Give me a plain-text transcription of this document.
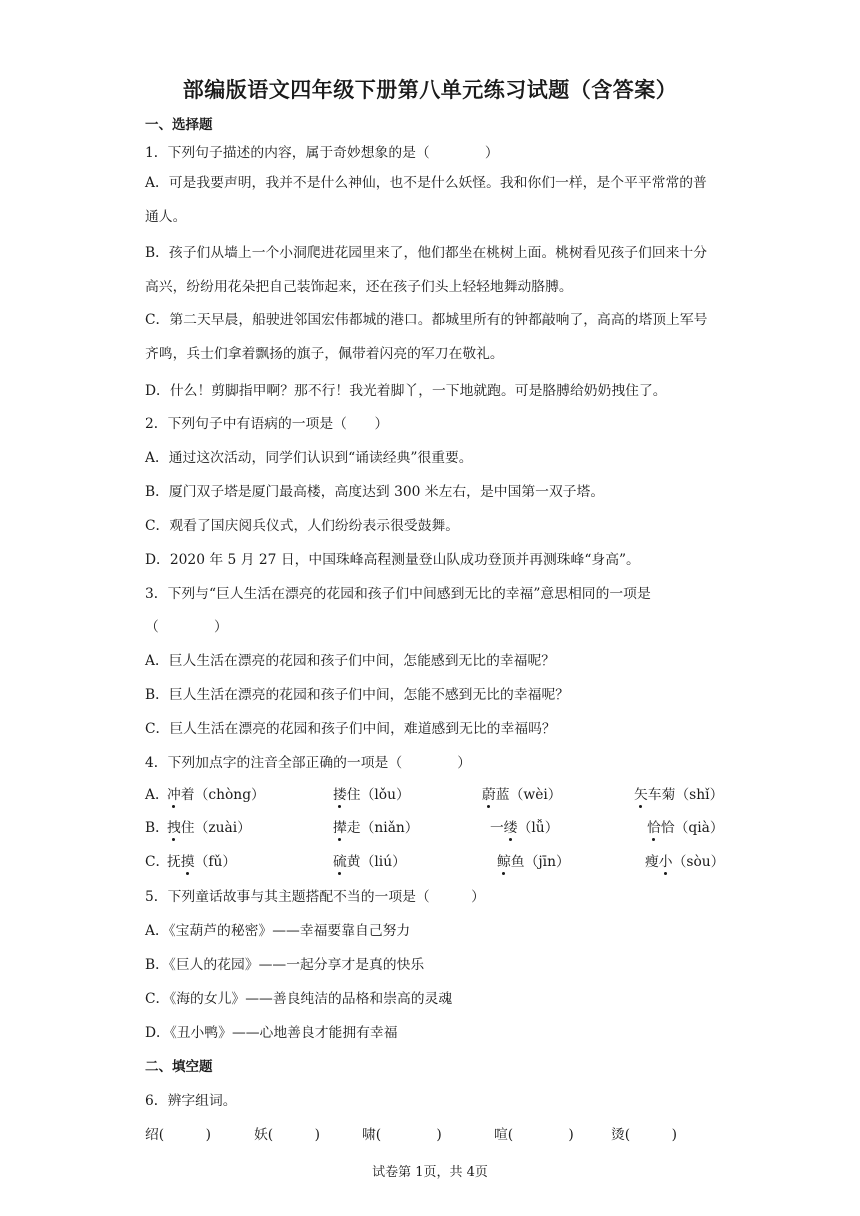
部编版语文四年级下册第八单元练习试题（含答案）
一、选择题
1．下列句子描述的内容，属于奇妙想象的是（　　　　）
A．可是我要声明，我并不是什么神仙，也不是什么妖怪。我和你们一样，是个平平常常的普通人。
B．孩子们从墙上一个小洞爬进花园里来了，他们都坐在桃树上面。桃树看见孩子们回来十分高兴，纷纷用花朵把自己装饰起来，还在孩子们头上轻轻地舞动胳膊。
C．第二天早晨，船驶进邻国宏伟都城的港口。都城里所有的钟都敲响了，高高的塔顶上军号齐鸣，兵士们拿着飘扬的旗子，佩带着闪亮的军刀在敬礼。
D．什么！剪脚指甲啊？那不行！我光着脚丫，一下地就跑。可是胳膊给奶奶拽住了。
2．下列句子中有语病的一项是（　　）
A．通过这次活动，同学们认识到“诵读经典”很重要。
B．厦门双子塔是厦门最高楼，高度达到 300 米左右，是中国第一双子塔。
C．观看了国庆阅兵仪式，人们纷纷表示很受鼓舞。
D．2020 年 5 月 27 日，中国珠峰高程测量登山队成功登顶并再测珠峰“身高”。
3．下列与“巨人生活在漂亮的花园和孩子们中间感到无比的幸福”意思相同的一项是
（　　　　）
A．巨人生活在漂亮的花园和孩子们中间，怎能感到无比的幸福呢？
B．巨人生活在漂亮的花园和孩子们中间，怎能不感到无比的幸福呢？
C．巨人生活在漂亮的花园和孩子们中间，难道感到无比的幸福吗？
4．下列加点字的注音全部正确的一项是（　　　　）
A．
冲着（chòng）	搂住（lǒu）	蔚蓝（wèi）	矢车菊（shǐ）
B．
拽住（zuài）	撵走（niǎn）	一缕（lǚ）	恰恰（qià）
C．
抚摸（fǔ）	硫黄（liú）	鲸鱼（jīn）	瘦小（sòu）
5．下列童话故事与其主题搭配不当的一项是（　　　）
A．《宝葫芦的秘密》——幸福要靠自己努力
B．《巨人的花园》——一起分享才是真的快乐
C．《海的女儿》——善良纯洁的品格和崇高的灵魂
D．《丑小鸭》——心地善良才能拥有幸福
二、填空题
6．辨字组词。
绍(　　　)	妖(　　　)	啸(　　　　)	喧(　　　　)	烫(　　　)
试卷第 1页，共 4页
